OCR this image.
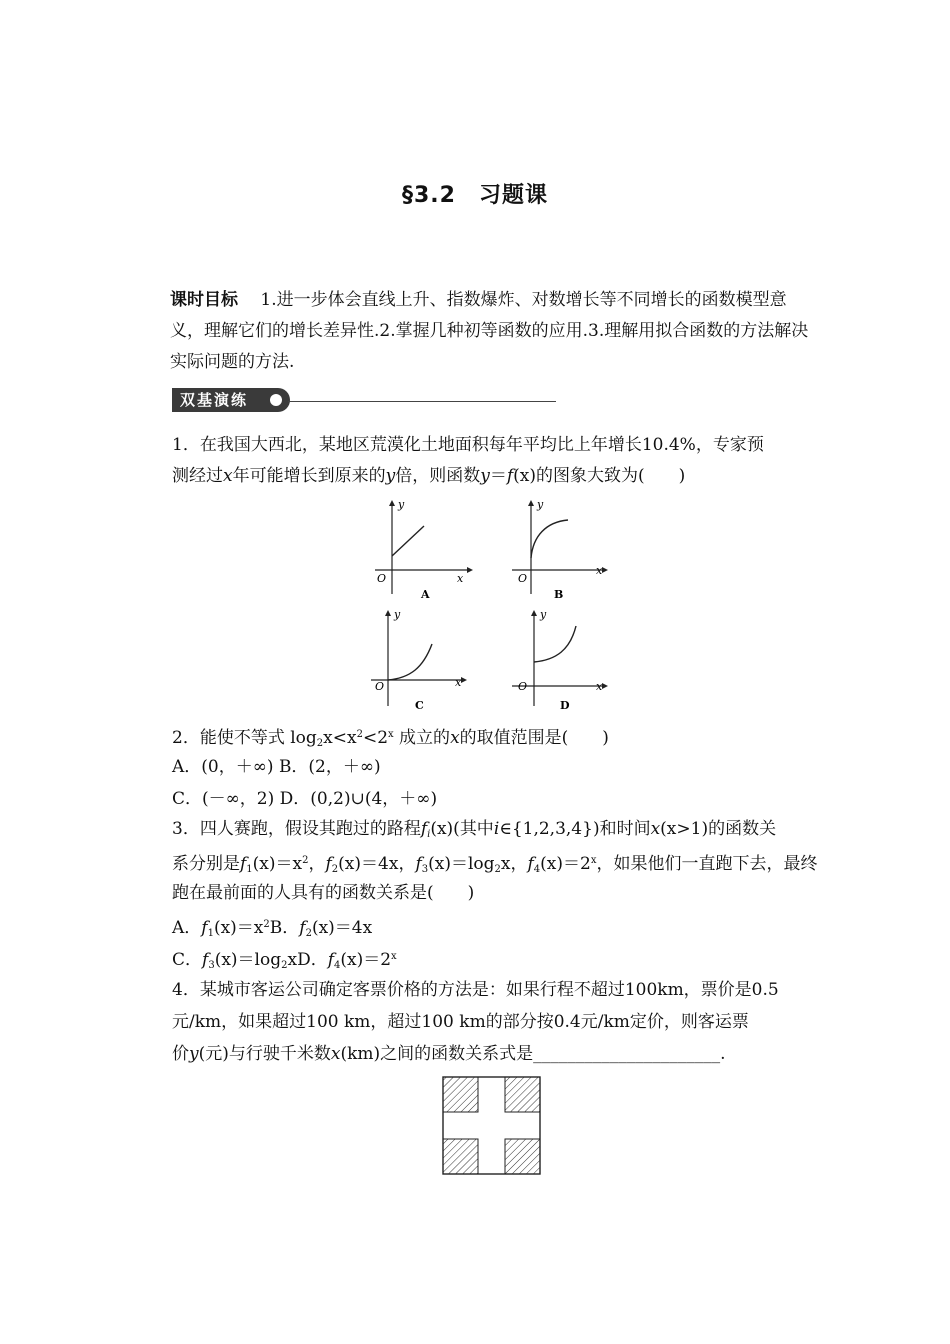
§3.2　习题课
课时目标　 1.进一步体会直线上升、指数爆炸、对数增长等不同增长的函数模型意义，理解它们的增长差异性.2.掌握几种初等函数的应用.3.理解用拟合函数的方法解决实际问题的方法.
双基演练
1．在我国大西北，某地区荒漠化土地面积每年平均比上年增长10.4%，专家预
测经过x年可能增长到原来的y倍，则函数y＝f(x)的图象大致为(　　)
y
x
O
A
y
x
O
B
y
x
O
C
y
x
O
D
2．能使不等式 $\log_2x<x^2<2^x$ 成立的x的取值范围是(　　)
A．(0，＋∞) B．(2，＋∞)
C．(－∞，2) D．(0,2)∪(4，＋∞)
3．四人赛跑，假设其跑过的路程$f_i(x)$(其中i∈{1,2,3,4})和时间x(x>1)的函数关
系分别是$f_1(x)=x^2$，$f_2(x)=4x$，$f_3(x)=\log_2x$，$f_4(x)=2^x$，如果他们一直跑下去，最终
跑在最前面的人具有的函数关系是(　　)
A．$f_1(x)=x^2B$．$f_2(x)=4x$
C．$f_3(x)=\log_2xD$．$f_4(x)=2^x$
4．某城市客运公司确定客票价格的方法是：如果行程不超过100km，票价是0.5
元/km，如果超过100 km，超过100 km的部分按0.4元/km定价，则客运票
价y(元)与行驶千米数x(km)之间的函数关系式是______________________.
